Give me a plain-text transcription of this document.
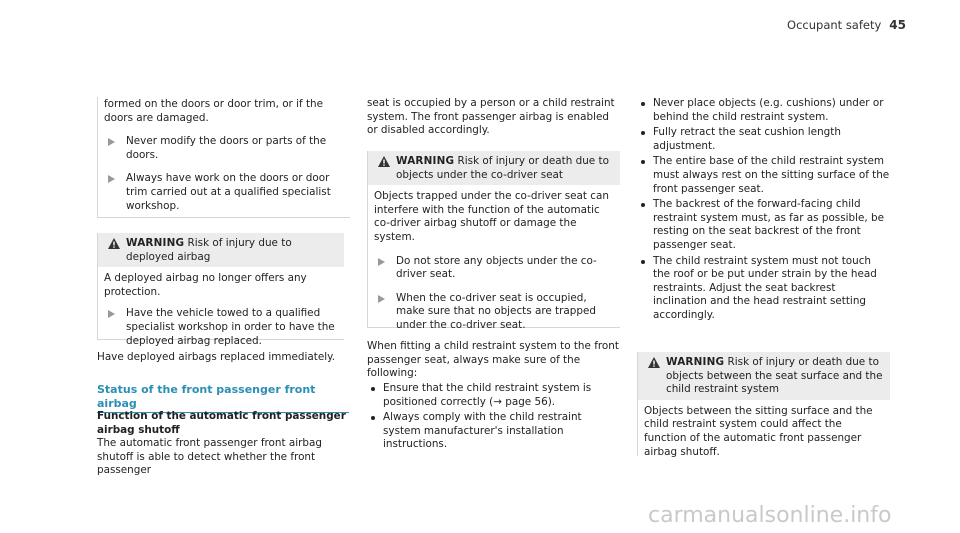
Occupant safety 45

formed on the doors or door trim, or if the doors are damaged.

Never modify the doors or parts of the doors.
Always have work on the doors or door trim carried out at a qualified specialist workshop.
WARNING Risk of injury due to deployed airbag

A deployed airbag no longer offers any protection.

Have the vehicle towed to a qualified specialist workshop in order to have the deployed airbag replaced.

Have deployed airbags replaced immediately.

Status of the front passenger front airbag

Function of the automatic front passenger airbag shutoff

The automatic front passenger front airbag shutoff is able to detect whether the front passenger

seat is occupied by a person or a child restraint system. The front passenger airbag is enabled or disabled accordingly.

WARNING Risk of injury or death due to objects under the co-driver seat

Objects trapped under the co-driver seat can interfere with the function of the automatic co-driver airbag shutoff or damage the system.

Do not store any objects under the co-driver seat.
When the co-driver seat is occupied, make sure that no objects are trapped under the co-driver seat.

When fitting a child restraint system to the front passenger seat, always make sure of the following:

Ensure that the child restraint system is positioned correctly (→ page 56).
Always comply with the child restraint system manufacturer's installation instructions.
Never place objects (e.g. cushions) under or behind the child restraint system.
Fully retract the seat cushion length adjustment.
The entire base of the child restraint system must always rest on the sitting surface of the front passenger seat.
The backrest of the forward-facing child restraint system must, as far as possible, be resting on the seat backrest of the front passenger seat.
The child restraint system must not touch the roof or be put under strain by the head restraints. Adjust the seat backrest inclination and the head restraint setting accordingly.
WARNING Risk of injury or death due to objects between the seat surface and the child restraint system

Objects between the sitting surface and the child restraint system could affect the function of the automatic front passenger airbag shutoff.

carmanualsonline.info
